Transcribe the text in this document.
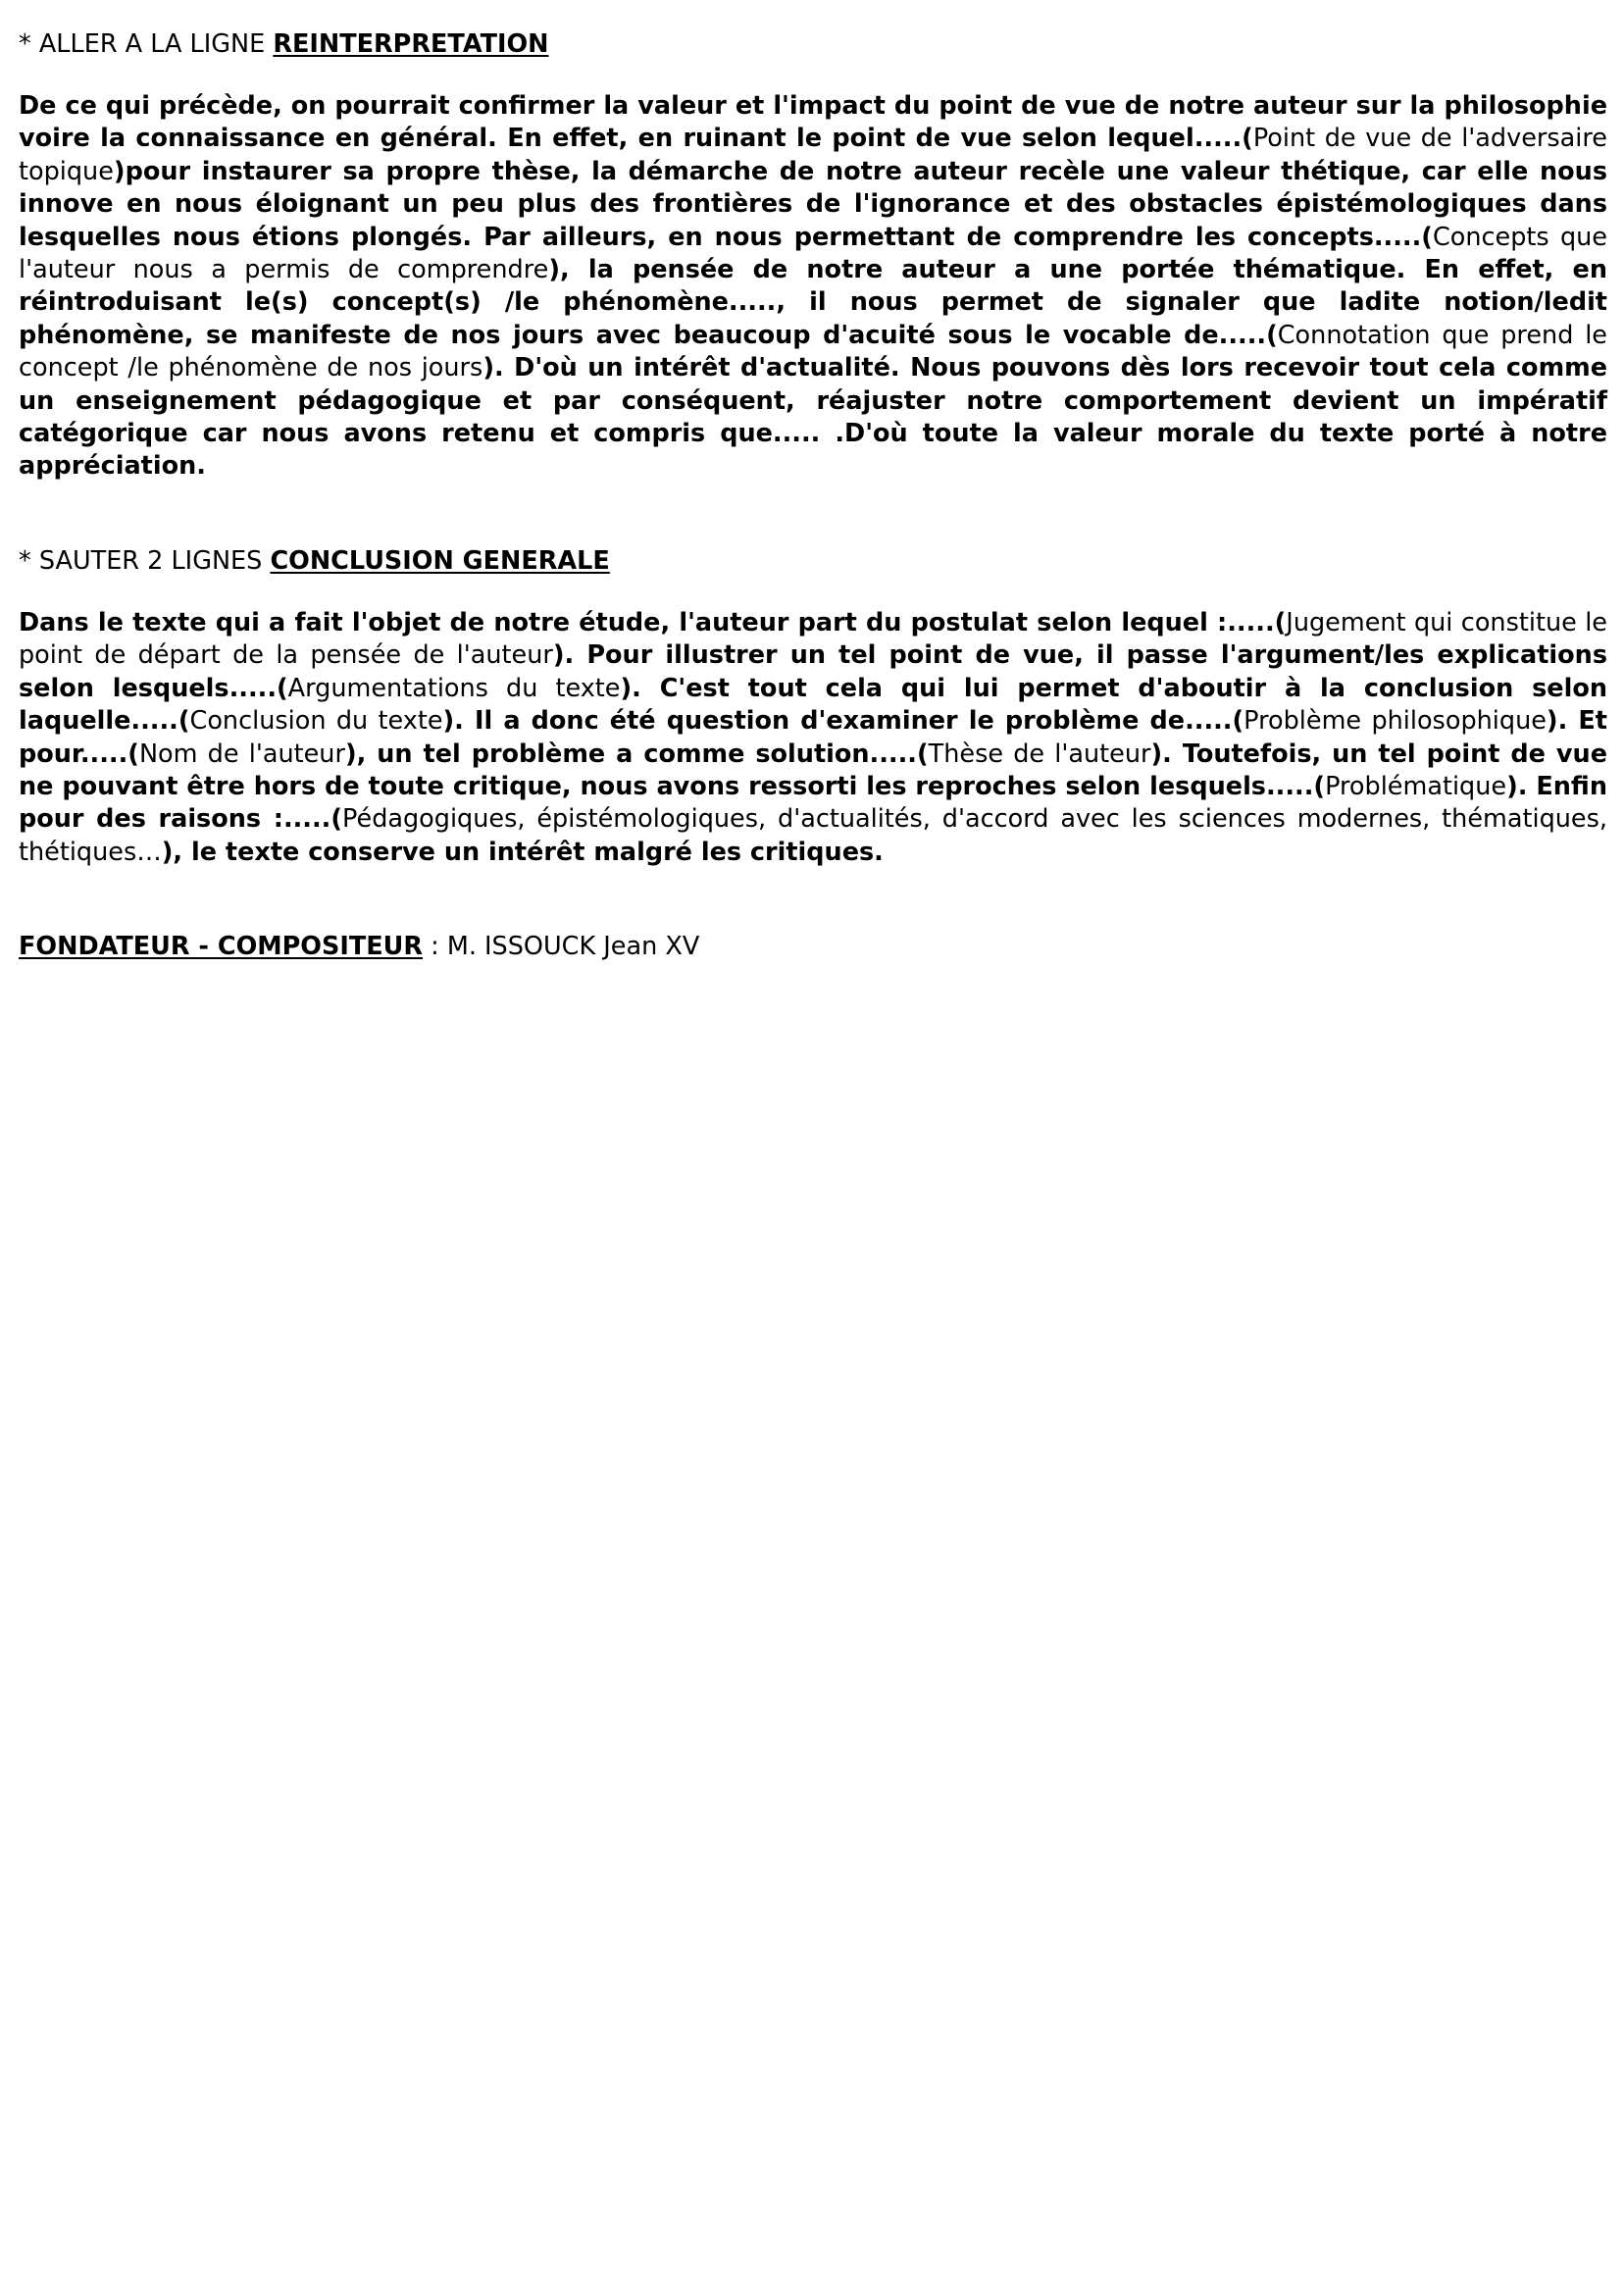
* ALLER A LA LIGNE REINTERPRETATION

De ce qui précède, on pourrait confirmer la valeur et l'impact du point de vue de notre auteur sur la philosophie voire la connaissance en général. En effet, en ruinant le point de vue selon lequel.....(Point de vue de l'adversaire topique)pour instaurer sa propre thèse, la démarche de notre auteur recèle une valeur thétique, car elle nous innove en nous éloignant un peu plus des frontières de l'ignorance et des obstacles épistémologiques dans lesquelles nous étions plongés. Par ailleurs, en nous permettant de comprendre les concepts.....(Concepts que l'auteur nous a permis de comprendre), la pensée de notre auteur a une portée thématique. En effet, en réintroduisant le(s) concept(s) /le phénomène....., il nous permet de signaler que ladite notion/ledit phénomène, se manifeste de nos jours avec beaucoup d'acuité sous le vocable de.....(Connotation que prend le concept /le phénomène de nos jours). D'où un intérêt d'actualité. Nous pouvons dès lors recevoir tout cela comme un enseignement pédagogique et par conséquent, réajuster notre comportement devient un impératif catégorique car nous avons retenu et compris que..... .D'où toute la valeur morale du texte porté à notre appréciation.

* SAUTER 2 LIGNES CONCLUSION GENERALE

Dans le texte qui a fait l'objet de notre étude, l'auteur part du postulat selon lequel :.....(Jugement qui constitue le point de départ de la pensée de l'auteur). Pour illustrer un tel point de vue, il passe l'argument/les explications selon lesquels.....(Argumentations du texte). C'est tout cela qui lui permet d'aboutir à la conclusion selon laquelle.....(Conclusion du texte). Il a donc été question d'examiner le problème de.....(Problème philosophique). Et pour.....(Nom de l'auteur), un tel problème a comme solution.....(Thèse de l'auteur). Toutefois, un tel point de vue ne pouvant être hors de toute critique, nous avons ressorti les reproches selon lesquels.....(Problématique). Enfin pour des raisons :.....(Pédagogiques, épistémologiques, d'actualités, d'accord avec les sciences modernes, thématiques, thétiques…), le texte conserve un intérêt malgré les critiques.

FONDATEUR - COMPOSITEUR : M. ISSOUCK Jean XV
